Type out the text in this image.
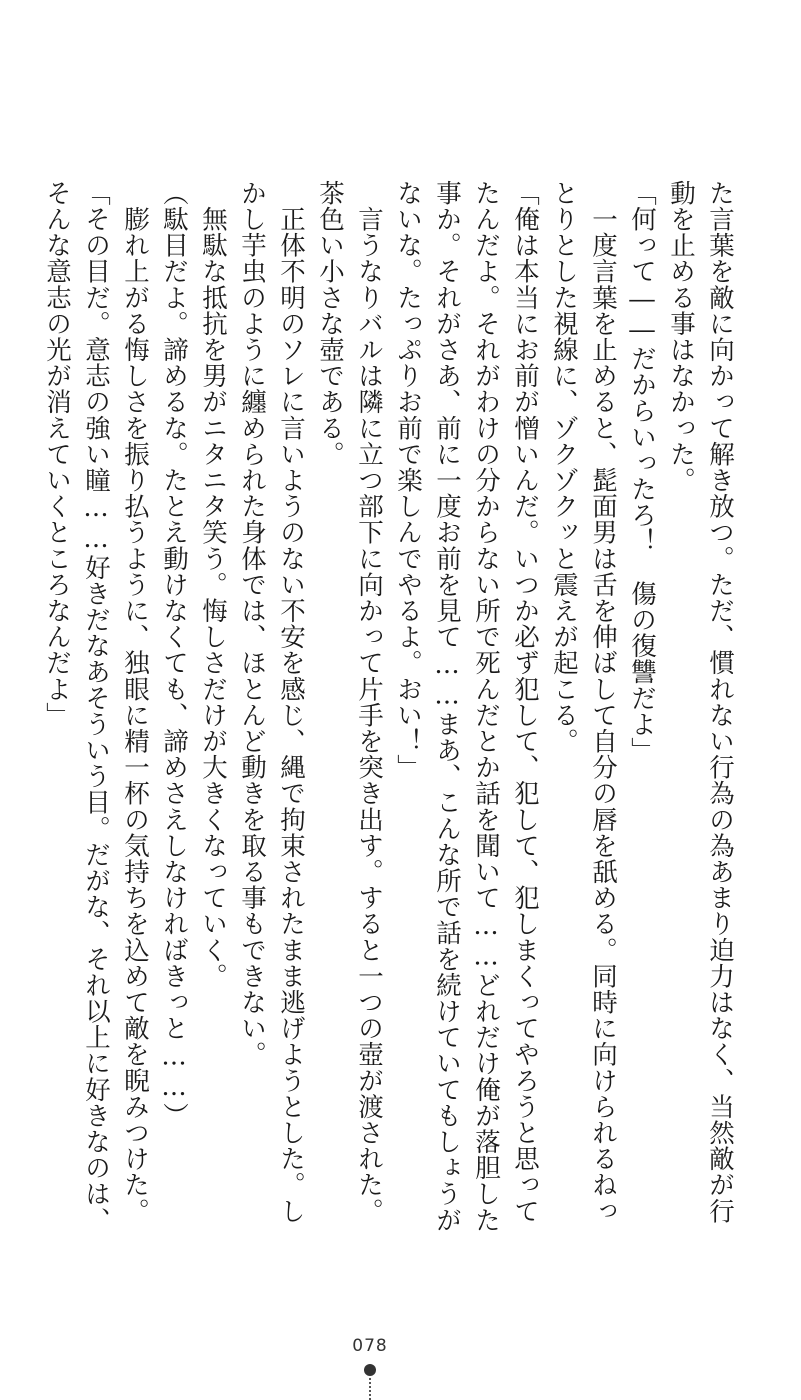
た言葉を敵に向かって解き放つ。ただ、慣れない行為の為あまり迫力はなく、当然敵が行

動を止める事はなかった。

「何って――だからいったろ！　傷の復讐だよ」

　一度言葉を止めると、髭面男は舌を伸ばして自分の唇を舐める。同時に向けられるねっ

とりとした視線に、ゾクゾクッと震えが起こる。

「俺は本当にお前が憎いんだ。いつか必ず犯して、犯して、犯しまくってやろうと思って

たんだよ。それがわけの分からない所で死んだとか話を聞いて……どれだけ俺が落胆した

事か。それがさあ、前に一度お前を見て……まあ、こんな所で話を続けていてもしょうが

ないな。たっぷりお前で楽しんでやるよ。おい！」

　言うなりバルは隣に立つ部下に向かって片手を突き出す。すると一つの壺が渡された。

茶色い小さな壺である。

　正体不明のソレに言いようのない不安を感じ、縄で拘束されたまま逃げようとした。し

かし芋虫のように纏められた身体では、ほとんど動きを取る事もできない。

　無駄な抵抗を男がニタニタ笑う。悔しさだけが大きくなっていく。

（駄目だよ。諦めるな。たとえ動けなくても、諦めさえしなければきっと……）

　膨れ上がる悔しさを振り払うように、独眼に精一杯の気持ちを込めて敵を睨みつけた。

「その目だ。意志の強い瞳……好きだなあそういう目。だがな、それ以上に好きなのは、

そんな意志の光が消えていくところなんだよ」

078
